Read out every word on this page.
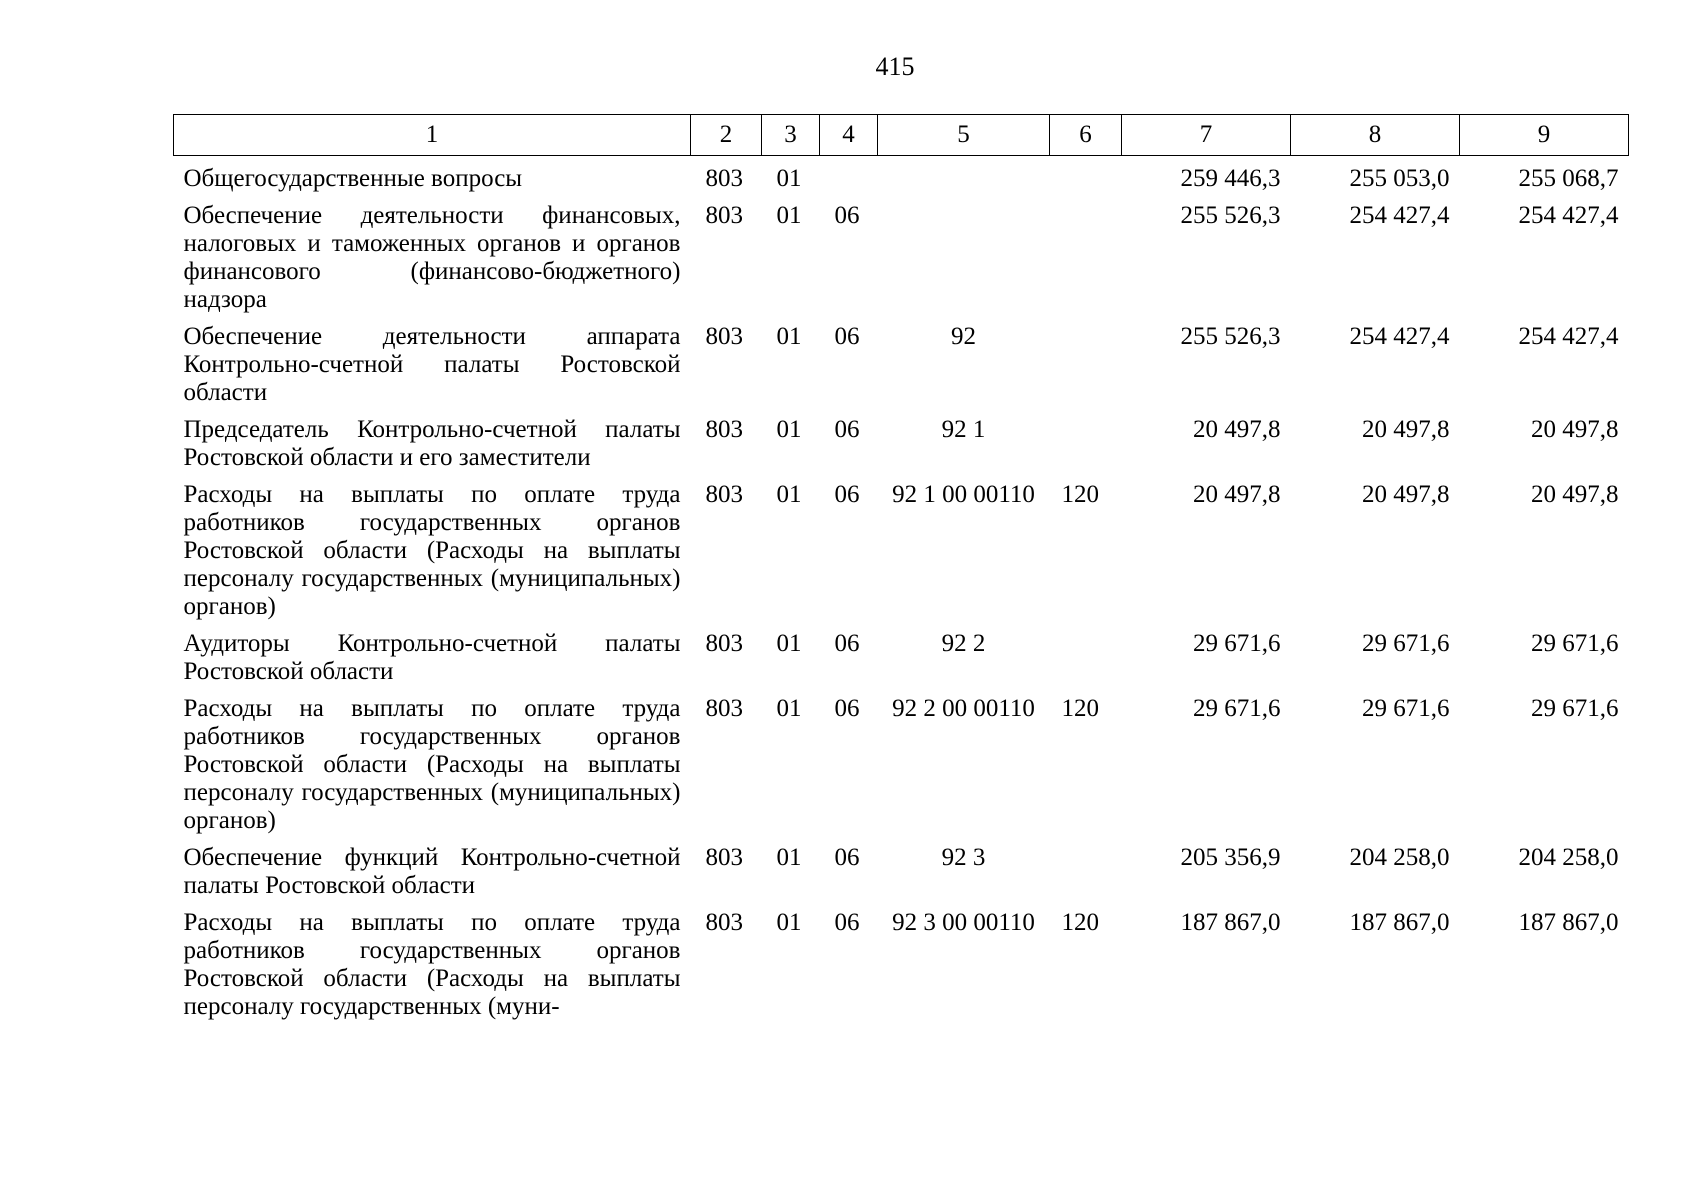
415
1	2	3	4	5	6	7	8	9
Общегосударственные вопросы	803	01				259 446,3	255 053,0	255 068,7
Обеспечение деятельности финансовых, налоговых и таможенных органов и органов финансового (финансово-бюджетного) надзора	803	01	06			255 526,3	254 427,4	254 427,4
Обеспечение деятельности аппарата Контрольно-счетной палаты Ростовской области	803	01	06	92		255 526,3	254 427,4	254 427,4
Председатель Контрольно-счетной палаты Ростовской области и его заместители	803	01	06	92 1		20 497,8	20 497,8	20 497,8
Расходы на выплаты по оплате труда работников государственных органов Ростовской области (Расходы на выплаты персоналу государственных (муниципальных) органов)	803	01	06	92 1 00 00110	120	20 497,8	20 497,8	20 497,8
Аудиторы Контрольно-счетной палаты Ростовской области	803	01	06	92 2		29 671,6	29 671,6	29 671,6
Расходы на выплаты по оплате труда работников государственных органов Ростовской области (Расходы на выплаты персоналу государственных (муниципальных) органов)	803	01	06	92 2 00 00110	120	29 671,6	29 671,6	29 671,6
Обеспечение функций Контрольно-счетной палаты Ростовской области	803	01	06	92 3		205 356,9	204 258,0	204 258,0
Расходы на выплаты по оплате труда работников государственных органов Ростовской области (Расходы на выплаты персоналу государственных (муни-	803	01	06	92 3 00 00110	120	187 867,0	187 867,0	187 867,0
